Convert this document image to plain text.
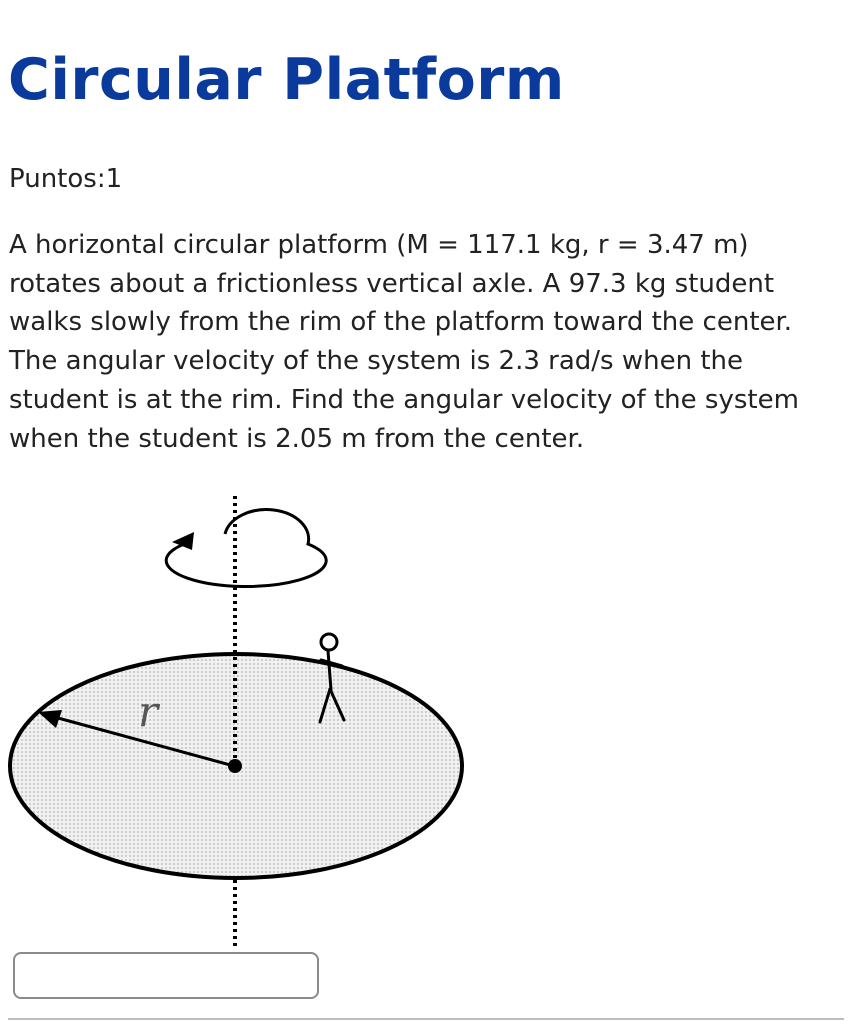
Circular Platform
Puntos:1

A horizontal circular platform (M = 117.1 kg, r = 3.47 m) rotates about a frictionless vertical axle. A 97.3 kg student walks slowly from the rim of the platform toward the center. The angular velocity of the system is 2.3 rad/s when the student is at the rim. Find the angular velocity of the system when the student is 2.05 m from the center.

r
